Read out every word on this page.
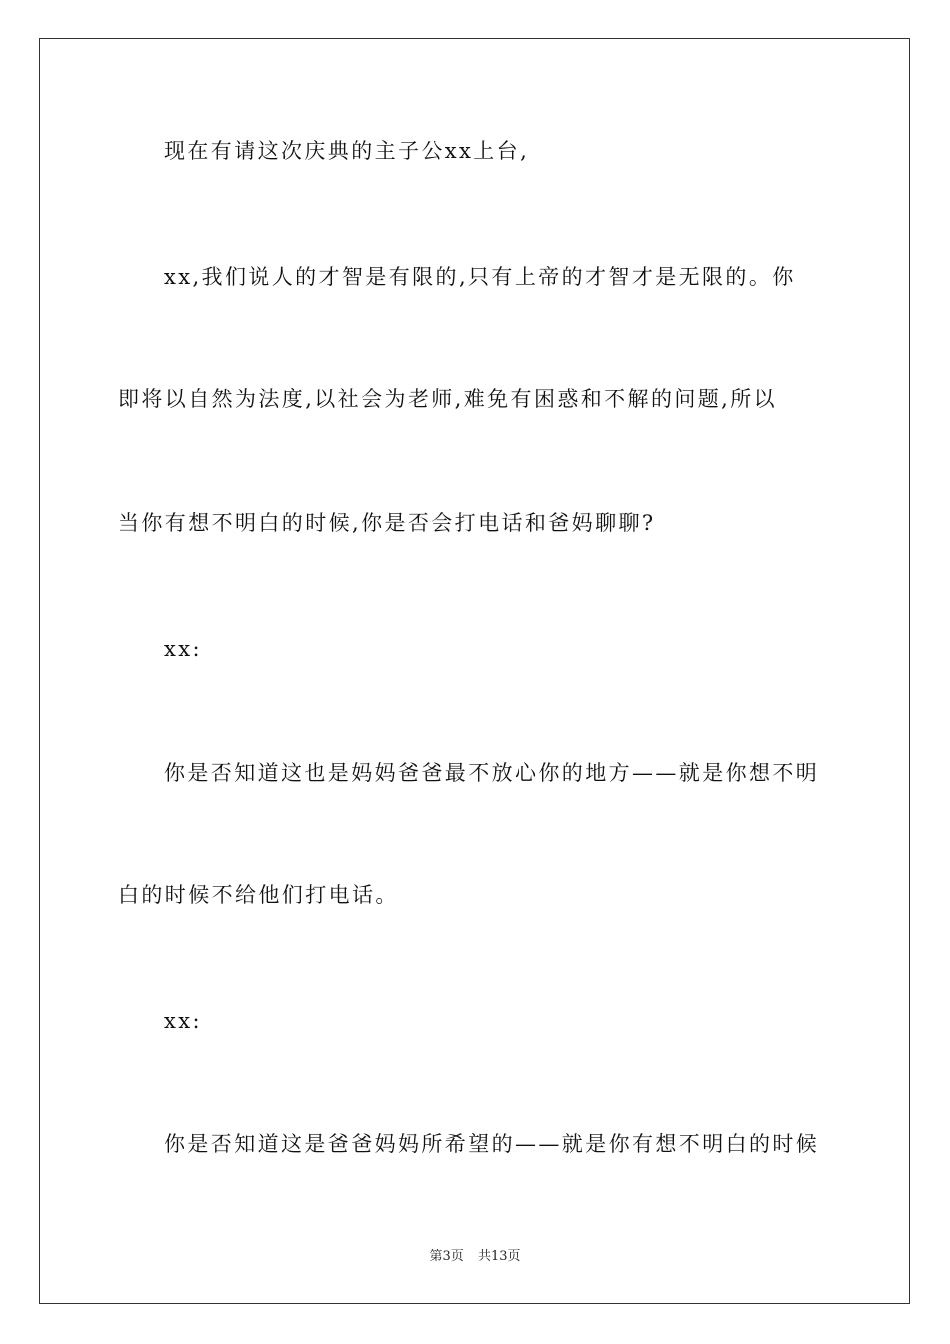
现在有请这次庆典的主子公xx上台,
xx,我们说人的才智是有限的,只有上帝的才智才是无限的。你
即将以自然为法度,以社会为老师,难免有困惑和不解的问题,所以
当你有想不明白的时候,你是否会打电话和爸妈聊聊?
xx:
你是否知道这也是妈妈爸爸最不放心你的地方——就是你想不明
白的时候不给他们打电话。
xx:
你是否知道这是爸爸妈妈所希望的——就是你有想不明白的时候
第3页 共13页
